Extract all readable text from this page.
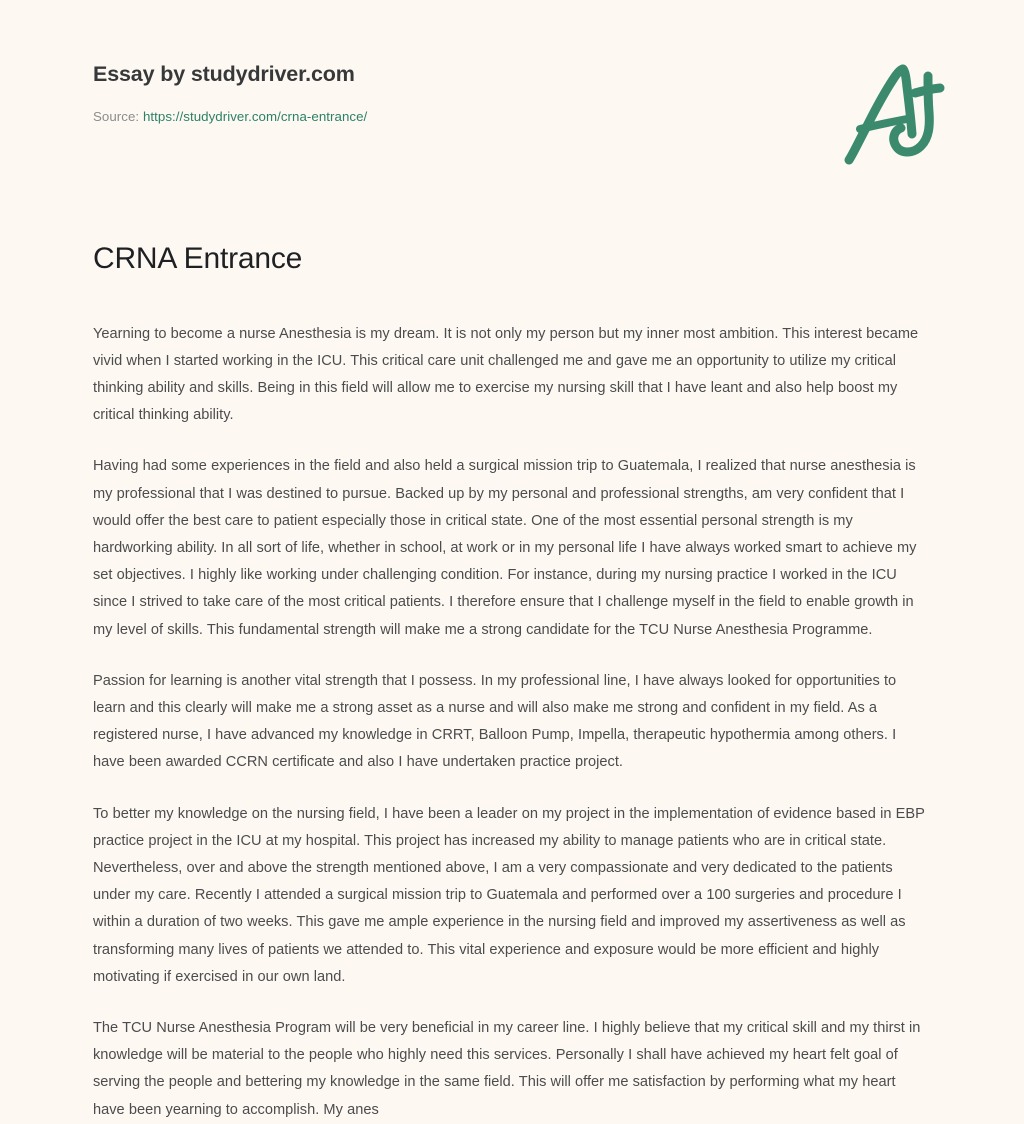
Essay by studydriver.com
Source: https://studydriver.com/crna-entrance/
CRNA Entrance

Yearning to become a nurse Anesthesia is my dream. It is not only my person but my inner most ambition. This interest became vivid when I started working in the ICU. This critical care unit challenged me and gave me an opportunity to utilize my critical thinking ability and skills. Being in this field will allow me to exercise my nursing skill that I have leant and also help boost my critical thinking ability.

Having had some experiences in the field and also held a surgical mission trip to Guatemala, I realized that nurse anesthesia is my professional that I was destined to pursue. Backed up by my personal and professional strengths, am very confident that I would offer the best care to patient especially those in critical state. One of the most essential personal strength is my hardworking ability. In all sort of life, whether in school, at work or in my personal life I have always worked smart to achieve my set objectives. I highly like working under challenging condition. For instance, during my nursing practice I worked in the ICU since I strived to take care of the most critical patients. I therefore ensure that I challenge myself in the field to enable growth in my level of skills. This fundamental strength will make me a strong candidate for the TCU Nurse Anesthesia Programme.

Passion for learning is another vital strength that I possess. In my professional line, I have always looked for opportunities to learn and this clearly will make me a strong asset as a nurse and will also make me strong and confident in my field. As a registered nurse, I have advanced my knowledge in CRRT, Balloon Pump, Impella, therapeutic hypothermia among others. I have been awarded CCRN certificate and also I have undertaken practice project.

To better my knowledge on the nursing field, I have been a leader on my project in the implementation of evidence based in EBP practice project in the ICU at my hospital. This project has increased my ability to manage patients who are in critical state. Nevertheless, over and above the strength mentioned above, I am a very compassionate and very dedicated to the patients under my care. Recently I attended a surgical mission trip to Guatemala and performed over a 100 surgeries and procedure I within a duration of two weeks. This gave me ample experience in the nursing field and improved my assertiveness as well as transforming many lives of patients we attended to. This vital experience and exposure would be more efficient and highly motivating if exercised in our own land.

The TCU Nurse Anesthesia Program will be very beneficial in my career line. I highly believe that my critical skill and my thirst in knowledge will be material to the people who highly need this services. Personally I shall have achieved my heart felt goal of serving the people and bettering my knowledge in the same field. This will offer me satisfaction by performing what my heart have been yearning to accomplish. My anes
